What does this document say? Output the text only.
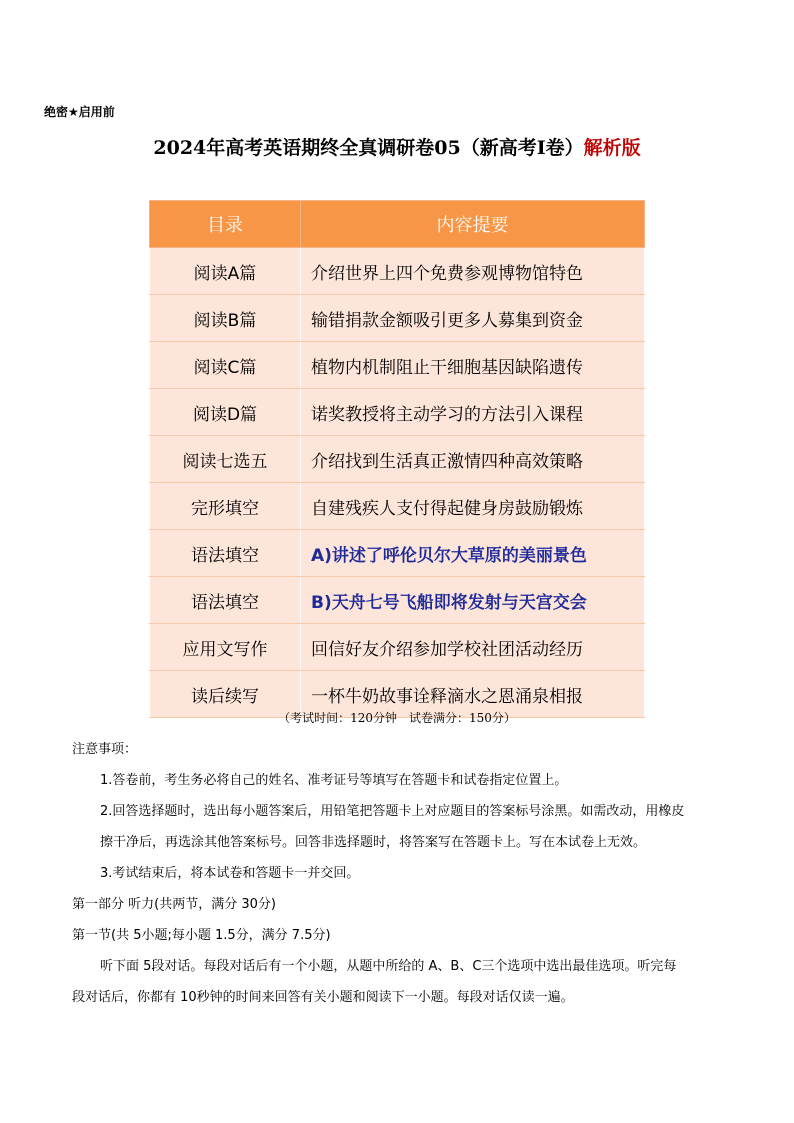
绝密★启用前
2024年高考英语期终全真调研卷05（新高考I卷）解析版
目录	内容提要
阅读A篇	介绍世界上四个免费参观博物馆特色
阅读B篇	输错捐款金额吸引更多人募集到资金
阅读C篇	植物内机制阻止干细胞基因缺陷遗传
阅读D篇	诺奖教授将主动学习的方法引入课程
阅读七选五	介绍找到生活真正激情四种高效策略
完形填空	自建残疾人支付得起健身房鼓励锻炼
语法填空	A)讲述了呼伦贝尔大草原的美丽景色
语法填空	B)天舟七号飞船即将发射与天宫交会
应用文写作	回信好友介绍参加学校社团活动经历
读后续写	一杯牛奶故事诠释滴水之恩涌泉相报
（考试时间：120分钟　试卷满分：150分）

注意事项：

1.答卷前，考生务必将自己的姓名、准考证号等填写在答题卡和试卷指定位置上。

2.回答选择题时，选出每小题答案后，用铅笔把答题卡上对应题目的答案标号涂黑。如需改动，用橡皮

擦干净后，再选涂其他答案标号。回答非选择题时，将答案写在答题卡上。写在本试卷上无效。

3.考试结束后，将本试卷和答题卡一并交回。

第一部分 听力(共两节，满分 30分)

第一节(共 5小题;每小题 1.5分，满分 7.5分)

听下面 5段对话。每段对话后有一个小题，从题中所给的 A、B、C三个选项中选出最佳选项。听完每

段对话后，你都有 10秒钟的时间来回答有关小题和阅读下一小题。每段对话仅读一遍。
